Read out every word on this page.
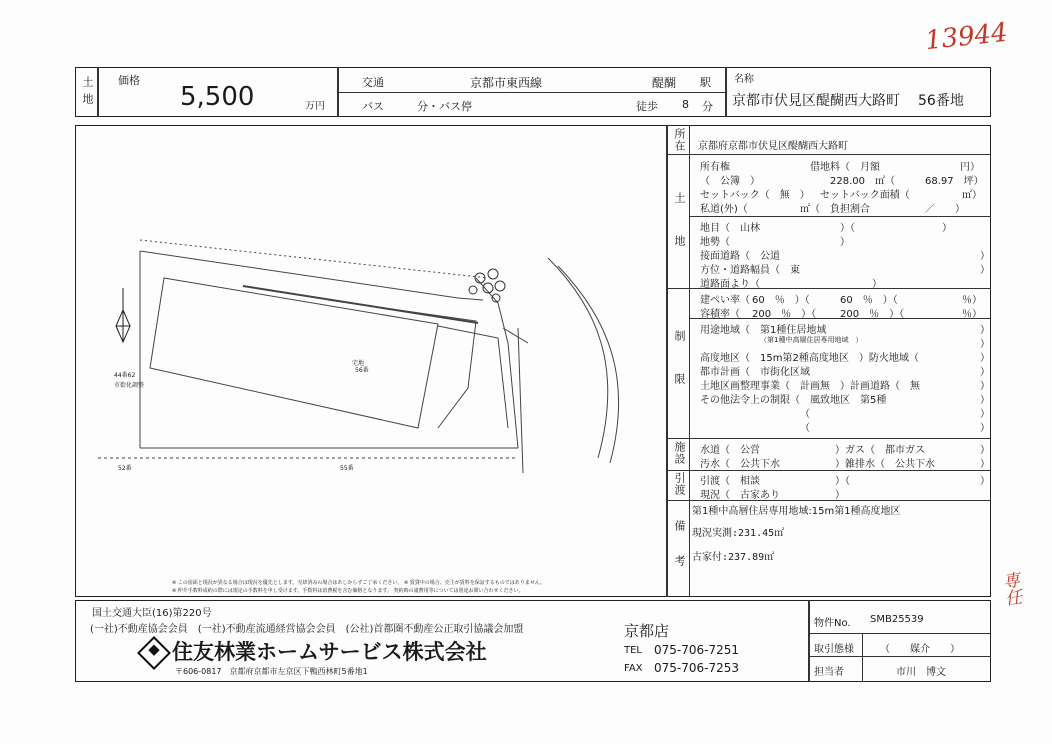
13944
専任
土地 価格
5,500	万円
交通	京都市東西線	醍醐 駅
バス　　　分・バス停	徒歩 8 分
名称
京都市伏見区醍醐西大路町 56番地
56番
宅地
44番62
市街化調整
52番	55番
※ この図面と現況が異なる場合は現況を優先とします。売却済みの場合はあしからずご了承ください。 ※ 賃貸中の場合、売主が賃料を保証するものではありません。
※ 仲介手数料成約の際には規定の手数料を申し受けます。手数料は消費税を含む価格となります。 契約時の諸費用等については別途お問い合わせください。
所在 京都府京都市伏見区醍醐西大路町
土地
所有権	借地料（　月額	円）
（　公簿　）	228.00　㎡（	68.97　坪）
セットバック（　無　） セットバック面積（	㎡）
私道(外)（	㎡（　負担割合	／　　）
地目（　山林	）（	）
地勢（	）
接面道路（　公道	）
方位・道路幅員（　東	）
道路面より（	）
制限
建ぺい率（ 60　％　）（	60　％　）（	％）
容積率（ 200　％　）（ 200　％　）（	％）
用途地域（　第1種住居地域	）
（第1種中高層住居専用地域　）	）
高度地区（　15m第2種高度地区　）防火地域（	）
都市計画（　市街化区域	）
土地区画整理事業（　計画無　）計画道路（　無	）
その他法令上の制限（　風致地区　第5種	）
（	）
（	）
施設 水道（　公営	）ガス（　都市ガス	）
汚水（　公共下水	）雑排水（　公共下水	）
引渡 引渡（　相談	）（	）
現況（　古家あり	）
備考
第1種中高層住居専用地域:15m第1種高度地区
現況実測:231.45㎡
古家付:237.89㎡
国土交通大臣(16)第220号
(一社)不動産協会会員　(一社)不動産流通経営協会会員　(公社)首都圏不動産公正取引協議会加盟
住友林業ホームサービス株式会社
〒606-0817　京都府京都市左京区下鴨西林町5番地1
京都店
TEL 075-706-7251
FAX 075-706-7253
物件No. SMB25539
取引態様	（　　媒介　　）
担当者	市川　博文
